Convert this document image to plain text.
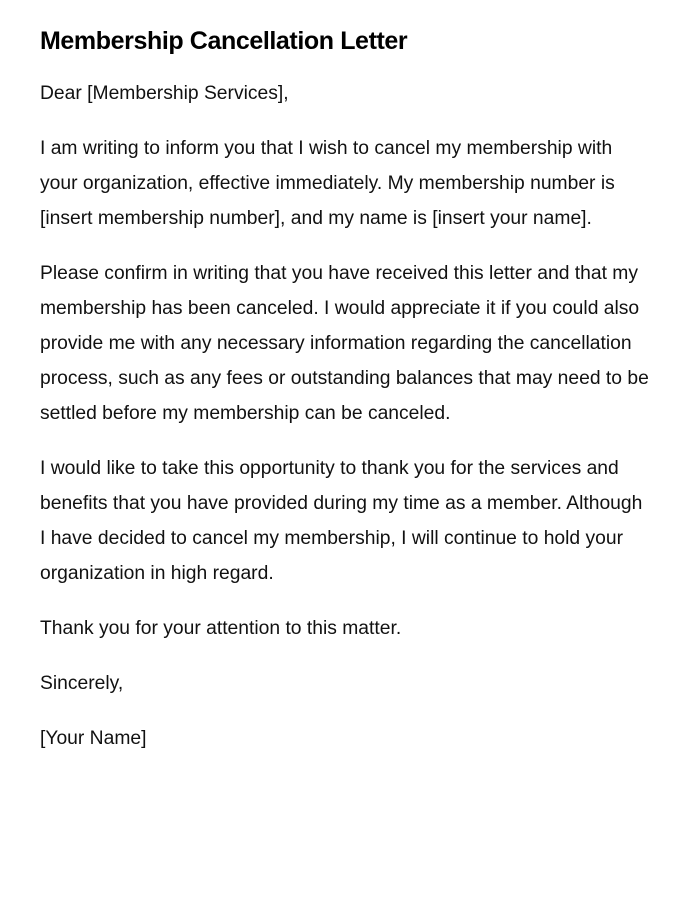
Membership Cancellation Letter

Dear [Membership Services],

I am writing to inform you that I wish to cancel my membership with your organization, effective immediately. My membership number is [insert membership number], and my name is [insert your name].

Please confirm in writing that you have received this letter and that my membership has been canceled. I would appreciate it if you could also provide me with any necessary information regarding the cancellation process, such as any fees or outstanding balances that may need to be settled before my membership can be canceled.

I would like to take this opportunity to thank you for the services and benefits that you have provided during my time as a member. Although I have decided to cancel my membership, I will continue to hold your organization in high regard.

Thank you for your attention to this matter.

Sincerely,

[Your Name]
